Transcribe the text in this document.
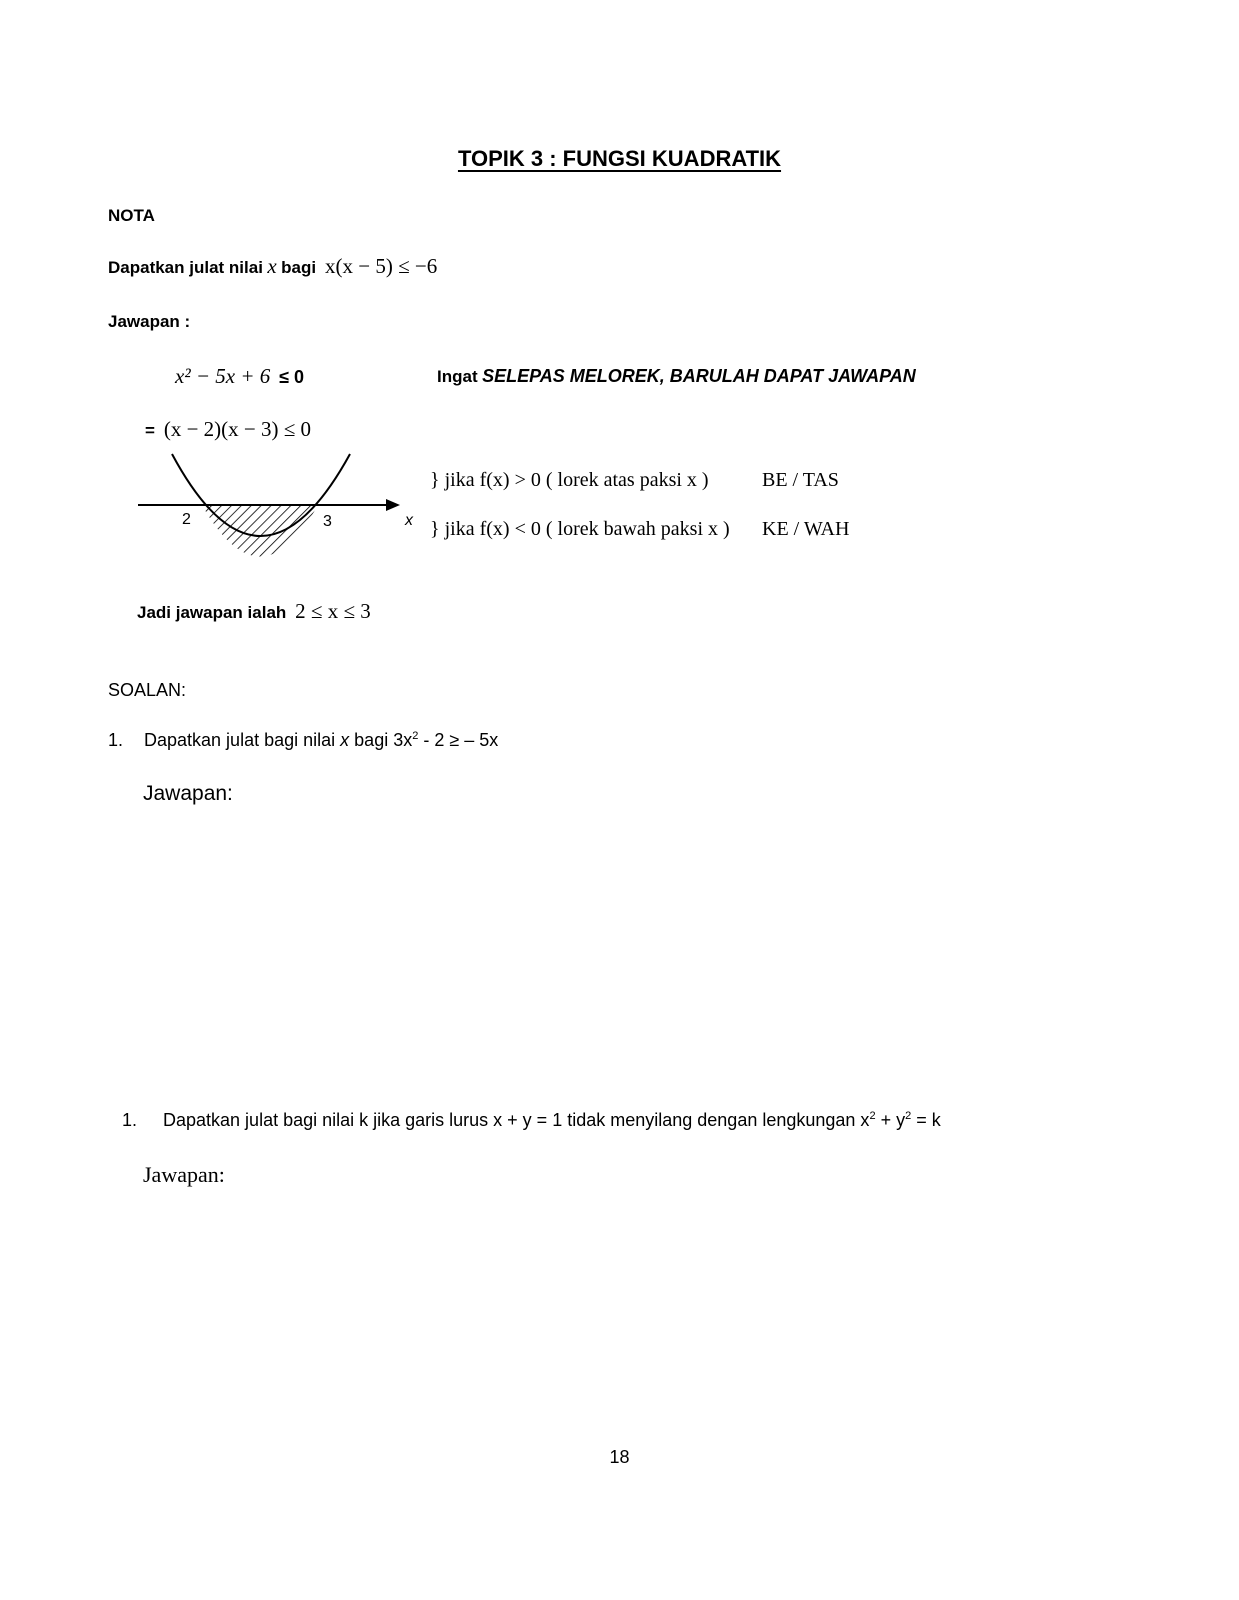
TOPIK 3 : FUNGSI KUADRATIK
NOTA
Dapatkan julat nilai x bagi x(x − 5) ≤ −6
Jawapan :
x² − 5x + 6 ≤ 0	Ingat SELEPAS MELOREK, BARULAH DAPAT JAWAPAN
= (x − 2)(x − 3) ≤ 0
2	3	x
} jika f(x) > 0 ( lorek atas paksi x )	BE / TAS
} jika f(x) < 0 ( lorek bawah paksi x ) KE / WAH
Jadi jawapan ialah 2 ≤ x ≤ 3
SOALAN:
1. Dapatkan julat bagi nilai x bagi $3x^2 - 2$ ≥ – 5x
Jawapan:
1. Dapatkan julat bagi nilai k jika garis lurus x + y = 1 tidak menyilang dengan lengkungan $x^2 + y^2 = k$
Jawapan:
18
